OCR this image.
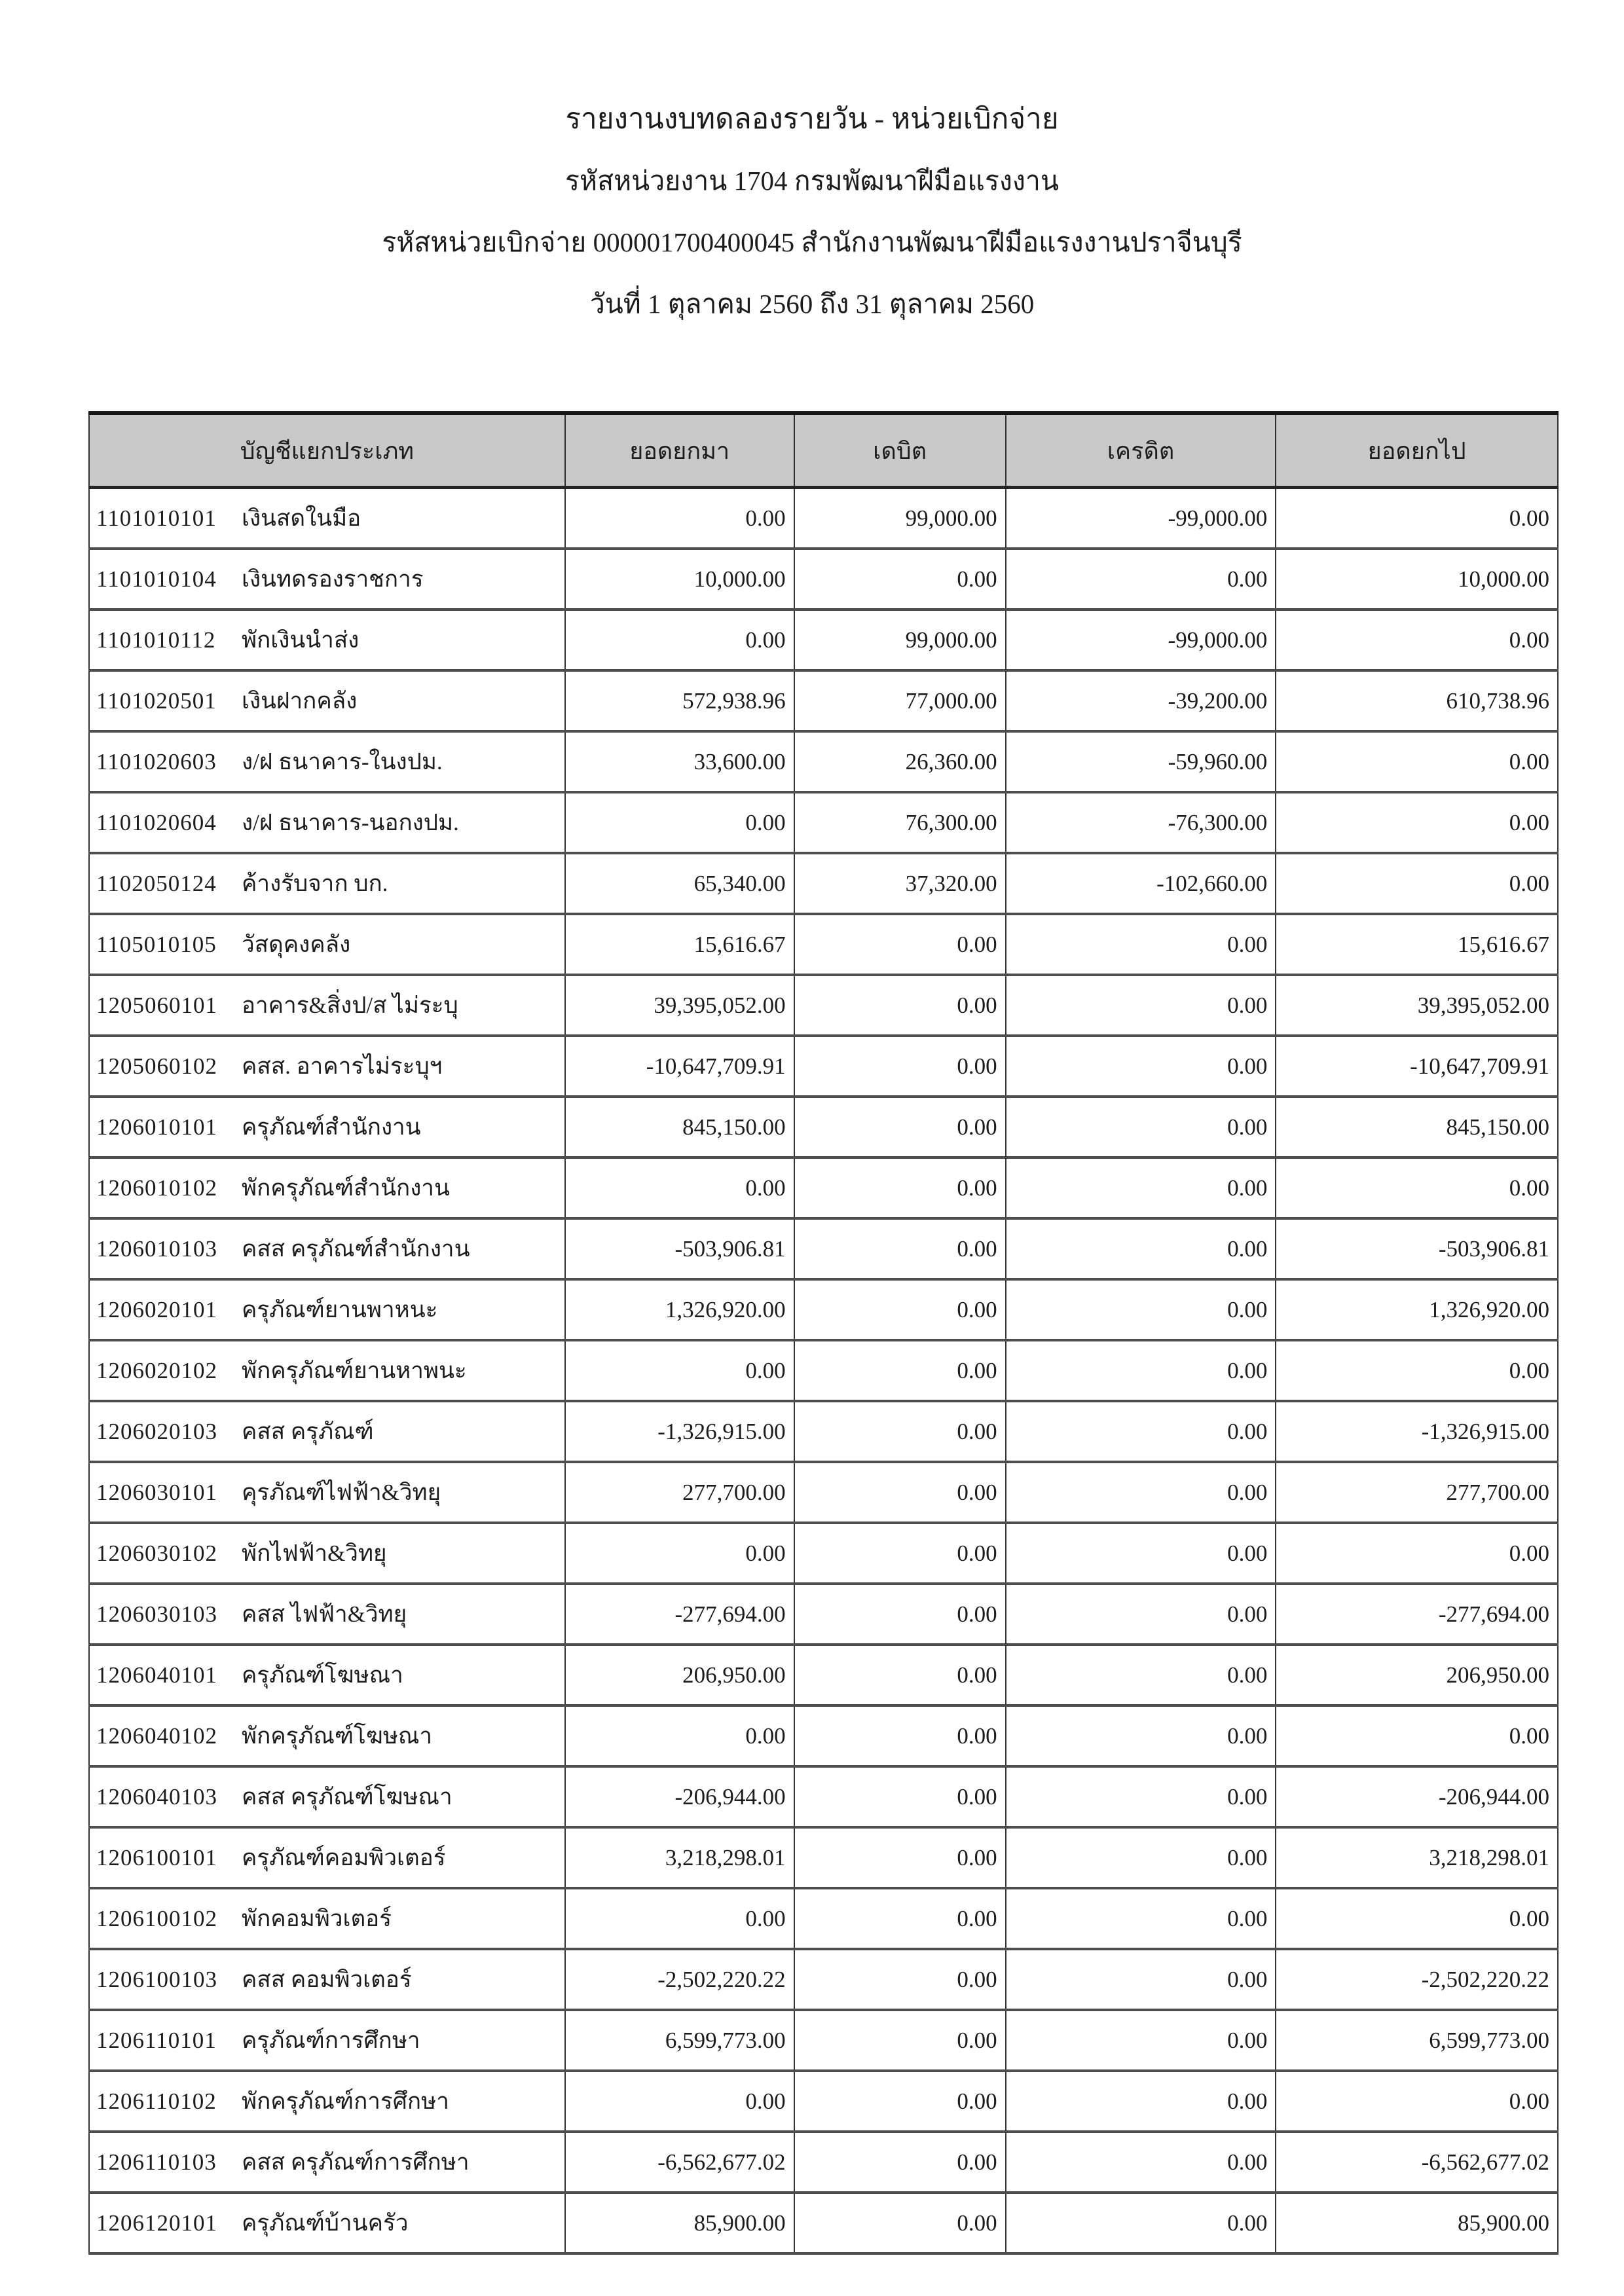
รายงานงบทดลองรายวัน - หน่วยเบิกจ่าย
รหัสหน่วยงาน 1704 กรมพัฒนาฝีมือแรงงาน
รหัสหน่วยเบิกจ่าย 000001700400045 สำนักงานพัฒนาฝีมือแรงงานปราจีนบุรี
วันที่ 1 ตุลาคม 2560 ถึง 31 ตุลาคม 2560
บัญชีแยกประเภท	ยอดยกมา	เดบิต	เครดิต	ยอดยกไป
1101010101 เงินสดในมือ	0.00	99,000.00	-99,000.00	0.00
1101010104 เงินทดรองราชการ	10,000.00	0.00	0.00	10,000.00
1101010112 พักเงินนำส่ง	0.00	99,000.00	-99,000.00	0.00
1101020501 เงินฝากคลัง	572,938.96	77,000.00	-39,200.00	610,738.96
1101020603 ง/ฝ ธนาคาร-ในงปม.	33,600.00	26,360.00	-59,960.00	0.00
1101020604 ง/ฝ ธนาคาร-นอกงปม.	0.00	76,300.00	-76,300.00	0.00
1102050124 ค้างรับจาก บก.	65,340.00	37,320.00	-102,660.00	0.00
1105010105 วัสดุคงคลัง	15,616.67	0.00	0.00	15,616.67
1205060101 อาคาร&สิ่งป/ส ไม่ระบุ	39,395,052.00	0.00	0.00	39,395,052.00
1205060102 คสส. อาคารไม่ระบุฯ	-10,647,709.91	0.00	0.00	-10,647,709.91
1206010101 ครุภัณฑ์สำนักงาน	845,150.00	0.00	0.00	845,150.00
1206010102 พักครุภัณฑ์สำนักงาน	0.00	0.00	0.00	0.00
1206010103 คสส ครุภัณฑ์สำนักงาน	-503,906.81	0.00	0.00	-503,906.81
1206020101 ครุภัณฑ์ยานพาหนะ	1,326,920.00	0.00	0.00	1,326,920.00
1206020102 พักครุภัณฑ์ยานหาพนะ	0.00	0.00	0.00	0.00
1206020103 คสส ครุภัณฑ์	-1,326,915.00	0.00	0.00	-1,326,915.00
1206030101 คุรภัณฑ์ไฟฟ้า&วิทยุ	277,700.00	0.00	0.00	277,700.00
1206030102 พักไฟฟ้า&วิทยุ	0.00	0.00	0.00	0.00
1206030103 คสส ไฟฟ้า&วิทยุ	-277,694.00	0.00	0.00	-277,694.00
1206040101 ครุภัณฑ์โฆษณา	206,950.00	0.00	0.00	206,950.00
1206040102 พักครุภัณฑ์โฆษณา	0.00	0.00	0.00	0.00
1206040103 คสส ครุภัณฑ์โฆษณา	-206,944.00	0.00	0.00	-206,944.00
1206100101 ครุภัณฑ์คอมพิวเตอร์	3,218,298.01	0.00	0.00	3,218,298.01
1206100102 พักคอมพิวเตอร์	0.00	0.00	0.00	0.00
1206100103 คสส คอมพิวเตอร์	-2,502,220.22	0.00	0.00	-2,502,220.22
1206110101 ครุภัณฑ์การศึกษา	6,599,773.00	0.00	0.00	6,599,773.00
1206110102 พักครุภัณฑ์การศึกษา	0.00	0.00	0.00	0.00
1206110103 คสส ครุภัณฑ์การศึกษา	-6,562,677.02	0.00	0.00	-6,562,677.02
1206120101 ครุภัณฑ์บ้านครัว	85,900.00	0.00	0.00	85,900.00
